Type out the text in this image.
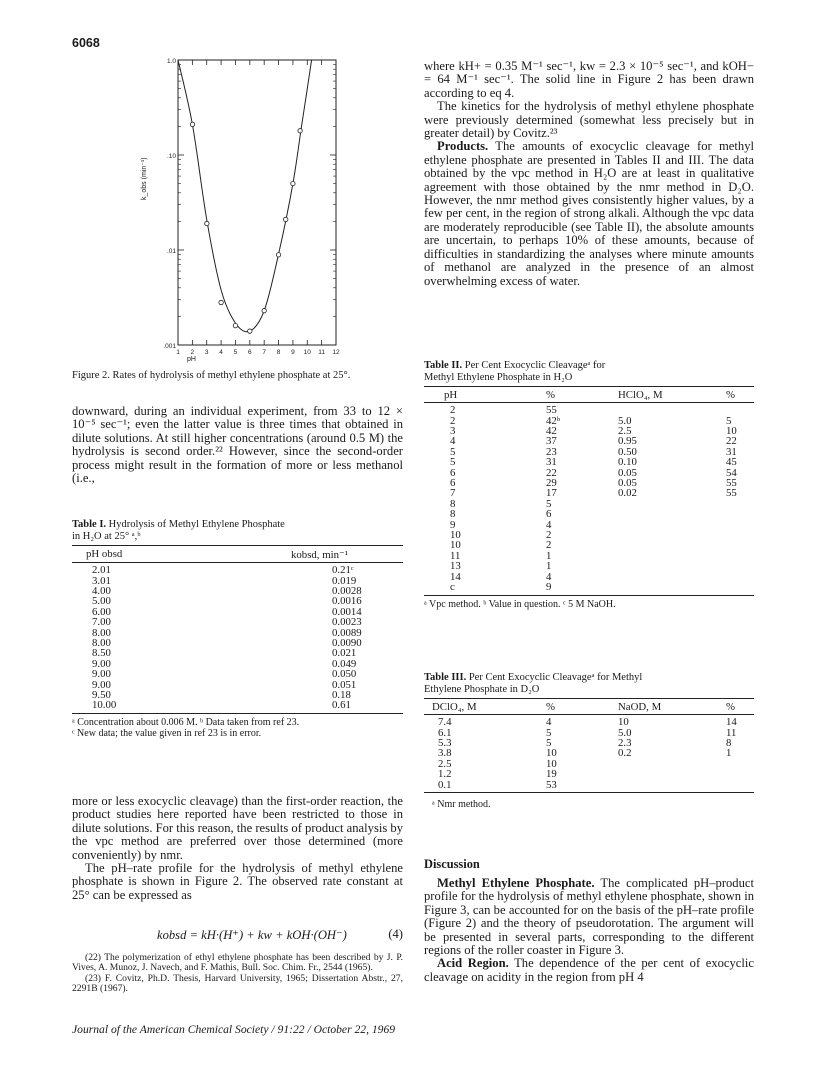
6068
1.0
.10
.01
.001
1 2 3 4 5 6 7 8 9 10 11 12
pH
k_obs (min⁻¹)
Figure 2. Rates of hydrolysis of methyl ethylene phosphate at 25°.

downward, during an individual experiment, from 33 to 12 × 10⁻⁵ sec⁻¹; even the latter value is three times that obtained in dilute solutions. At still higher concentrations (around 0.5 M) the hydrolysis is second order.²² However, since the second-order process might result in the formation of more or less methanol (i.e.,

Table I. Hydrolysis of Methyl Ethylene Phosphate
in H₂O at 25° ᵃ,ᵇ
pH obsd	kobsd, min⁻¹
2.01	0.21ᶜ
3.01	0.019
4.00	0.0028
5.00	0.0016
6.00	0.0014
7.00	0.0023
8.00	0.0089
8.00	0.0090
8.50	0.021
9.00	0.049
9.00	0.050
9.00	0.051
9.50	0.18
10.00	0.61
ᵃ Concentration about 0.006 M. ᵇ Data taken from ref 23.
ᶜ New data; the value given in ref 23 is in error.

more or less exocyclic cleavage) than the first-order reaction, the product studies here reported have been restricted to those in dilute solutions. For this reason, the results of product analysis by the vpc method are preferred over those determined (more conveniently) by nmr.

The pH–rate profile for the hydrolysis of methyl ethylene phosphate is shown in Figure 2. The observed rate constant at 25° can be expressed as

kobsd = kH·(H⁺) + kw + kOH·(OH⁻)	(4)

(22) The polymerization of ethyl ethylene phosphate has been described by J. P. Vives, A. Munoz, J. Navech, and F. Mathis, Bull. Soc. Chim. Fr., 2544 (1965).

(23) F. Covitz, Ph.D. Thesis, Harvard University, 1965; Dissertation Abstr., 27, 2291B (1967).

where kH+ = 0.35 M⁻¹ sec⁻¹, kw = 2.3 × 10⁻⁵ sec⁻¹, and kOH− = 64 M⁻¹ sec⁻¹. The solid line in Figure 2 has been drawn according to eq 4.

The kinetics for the hydrolysis of methyl ethylene phosphate were previously determined (somewhat less precisely but in greater detail) by Covitz.²³

Products. The amounts of exocyclic cleavage for methyl ethylene phosphate are presented in Tables II and III. The data obtained by the vpc method in H₂O are at least in qualitative agreement with those obtained by the nmr method in D₂O. However, the nmr method gives consistently higher values, by a few per cent, in the region of strong alkali. Although the vpc data are moderately reproducible (see Table II), the absolute amounts are uncertain, to perhaps 10% of these amounts, because of difficulties in standardizing the analyses where minute amounts of methanol are analyzed in the presence of an almost overwhelming excess of water.

Table II. Per Cent Exocyclic Cleavageᵃ for
Methyl Ethylene Phosphate in H₂O
pH	%	HClO₄, M	%
2	55
2	42ᵇ	5.0	5
3	42	2.5	10
4	37	0.95	22
5	23	0.50	31
5	31	0.10	45
6	22	0.05	54
6	29	0.05	55
7	17	0.02	55
8	5
8	6
9	4
10	2
10	2
11	1
13	1
14	4
c	9
ᵃ Vpc method. ᵇ Value in question. ᶜ 5 M NaOH.
Table III. Per Cent Exocyclic Cleavageᵃ for Methyl
Ethylene Phosphate in D₂O
DClO₄, M	%	NaOD, M	%
7.4	4	10	14
6.1	5	5.0	11
5.3	5	2.3	8
3.8	10	0.2	1
2.5	10
1.2	19
0.1	53
ᵃ Nmr method.
Discussion

Methyl Ethylene Phosphate. The complicated pH–product profile for the hydrolysis of methyl ethylene phosphate, shown in Figure 3, can be accounted for on the basis of the pH–rate profile (Figure 2) and the theory of pseudorotation. The argument will be presented in several parts, corresponding to the different regions of the roller coaster in Figure 3.

Acid Region. The dependence of the per cent of exocyclic cleavage on acidity in the region from pH 4

Journal of the American Chemical Society / 91:22 / October 22, 1969
